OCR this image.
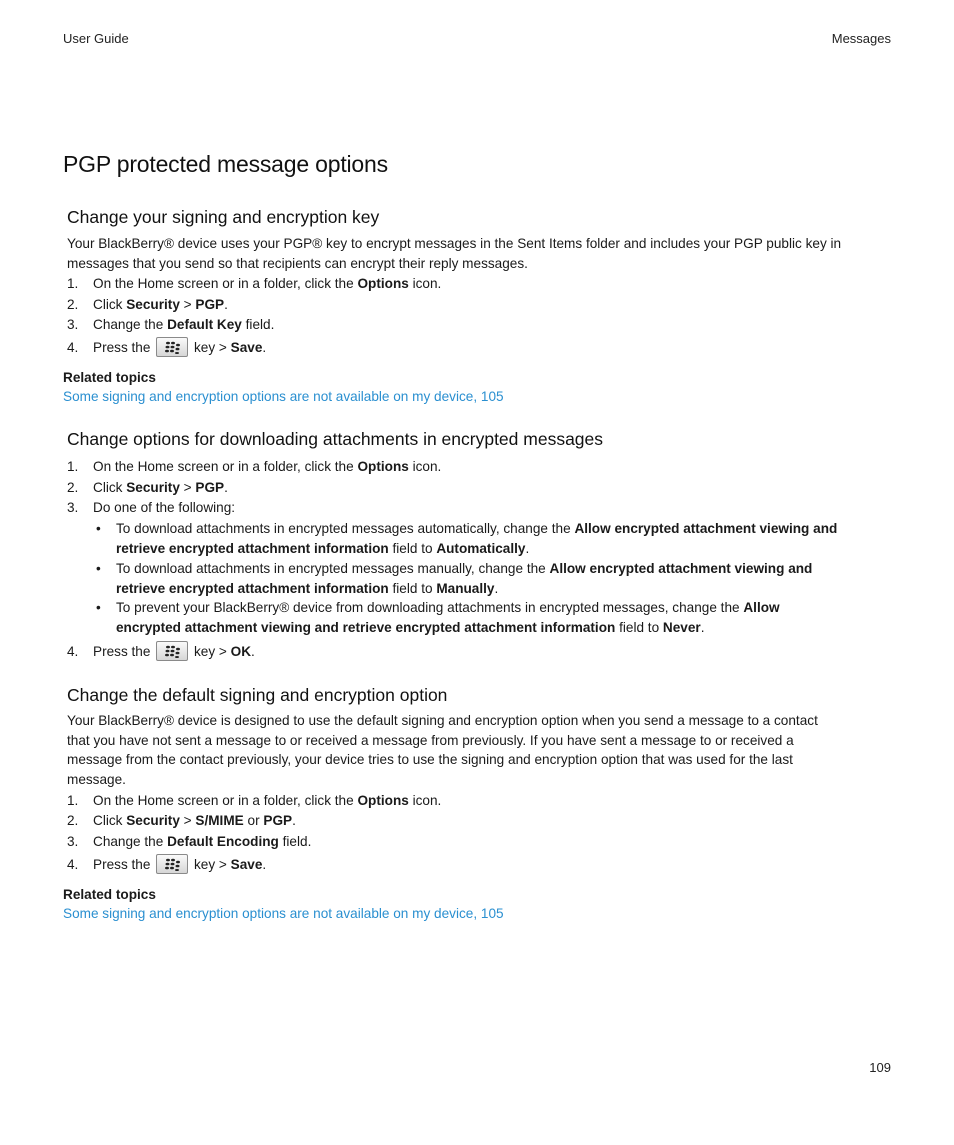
User Guide	Messages
PGP protected message options
Change your signing and encryption key
Your BlackBerry® device uses your PGP® key to encrypt messages in the Sent Items folder and includes your PGP public key in
messages that you send so that recipients can encrypt their reply messages.
1. On the Home screen or in a folder, click the Options icon.
2. Click Security > PGP.
3. Change the Default Key field.
4. Press the	key > Save.
Related topics
Some signing and encryption options are not available on my device, 105
Change options for downloading attachments in encrypted messages
1. On the Home screen or in a folder, click the Options icon.
2. Click Security > PGP.
3. Do one of the following:
• To download attachments in encrypted messages automatically, change the Allow encrypted attachment viewing and
retrieve encrypted attachment information field to Automatically.
• To download attachments in encrypted messages manually, change the Allow encrypted attachment viewing and
retrieve encrypted attachment information field to Manually.
• To prevent your BlackBerry® device from downloading attachments in encrypted messages, change the Allow
encrypted attachment viewing and retrieve encrypted attachment information field to Never.
4. Press the	key > OK.
Change the default signing and encryption option
Your BlackBerry® device is designed to use the default signing and encryption option when you send a message to a contact
that you have not sent a message to or received a message from previously. If you have sent a message to or received a
message from the contact previously, your device tries to use the signing and encryption option that was used for the last
message.
1. On the Home screen or in a folder, click the Options icon.
2. Click Security > S/MIME or PGP.
3. Change the Default Encoding field.
4. Press the	key > Save.
Related topics
Some signing and encryption options are not available on my device, 105
109
